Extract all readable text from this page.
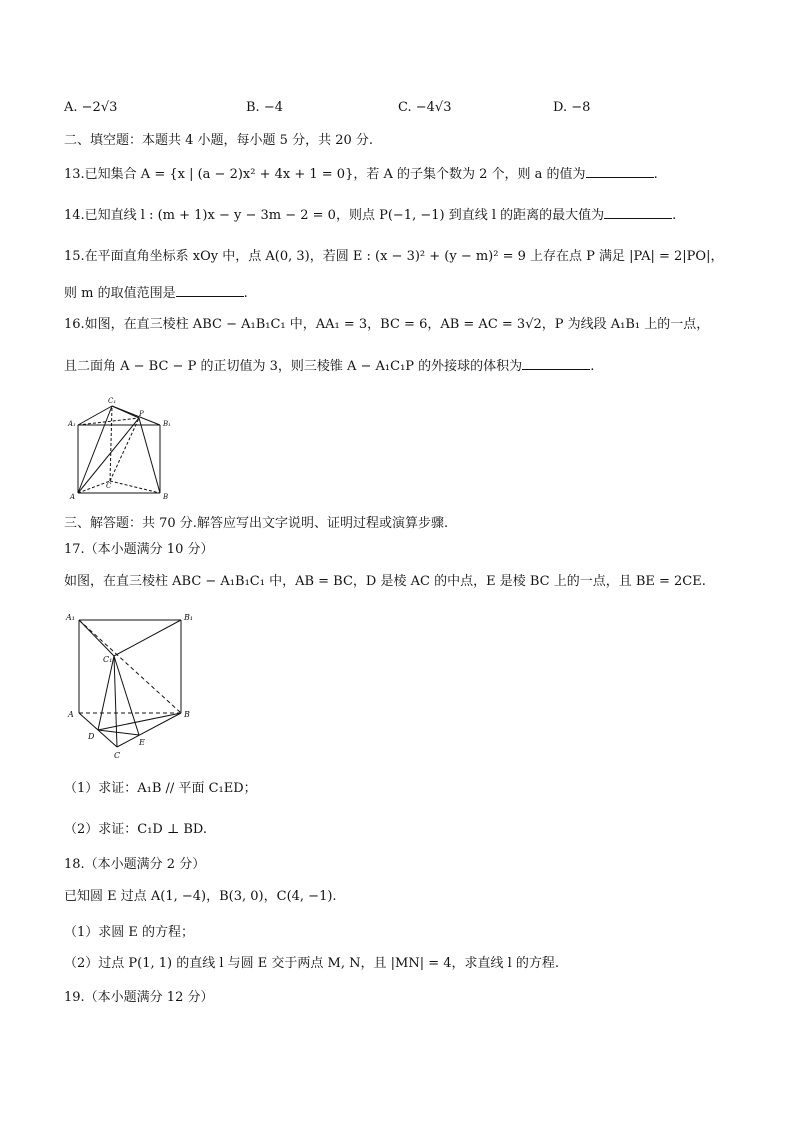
A. −2√3	B. −4	C. −4√3	D. −8
二、填空题：本题共 4 小题，每小题 5 分，共 20 分.
13.已知集合 A = {x | (a − 2)x² + 4x + 1 = 0}，若 A 的子集个数为 2 个，则 a 的值为	.
14.已知直线 l : (m + 1)x − y − 3m − 2 = 0，则点 P(−1, −1) 到直线 l 的距离的最大值为	.
15.在平面直角坐标系 xOy 中，点 A(0, 3)，若圆 E : (x − 3)² + (y − m)² = 9 上存在点 P 满足 |PA| = 2|PO|，
则 m 的取值范围是	.
16.如图，在直三棱柱 ABC − A₁B₁C₁ 中，AA₁ = 3，BC = 6，AB = AC = 3√2，P 为线段 A₁B₁ 上的一点，
且二面角 A − BC − P 的正切值为 3，则三棱锥 A − A₁C₁P 的外接球的体积为	.
A₁	B₁
C₁
P
A	B
C
三、解答题：共 70 分.解答应写出文字说明、证明过程或演算步骤.
17.（本小题满分 10 分）
如图，在直三棱柱 ABC − A₁B₁C₁ 中，AB = BC，D 是棱 AC 的中点，E 是棱 BC 上的一点，且 BE = 2CE.
A₁	B₁
C₁
A	B
C
D
E
（1）求证：A₁B // 平面 C₁ED；
（2）求证：C₁D ⊥ BD.
18.（本小题满分 2 分）
已知圆 E 过点 A(1, −4)，B(3, 0)，C(4, −1).
（1）求圆 E 的方程；
（2）过点 P(1, 1) 的直线 l 与圆 E 交于两点 M, N，且 |MN| = 4，求直线 l 的方程.
19.（本小题满分 12 分）
